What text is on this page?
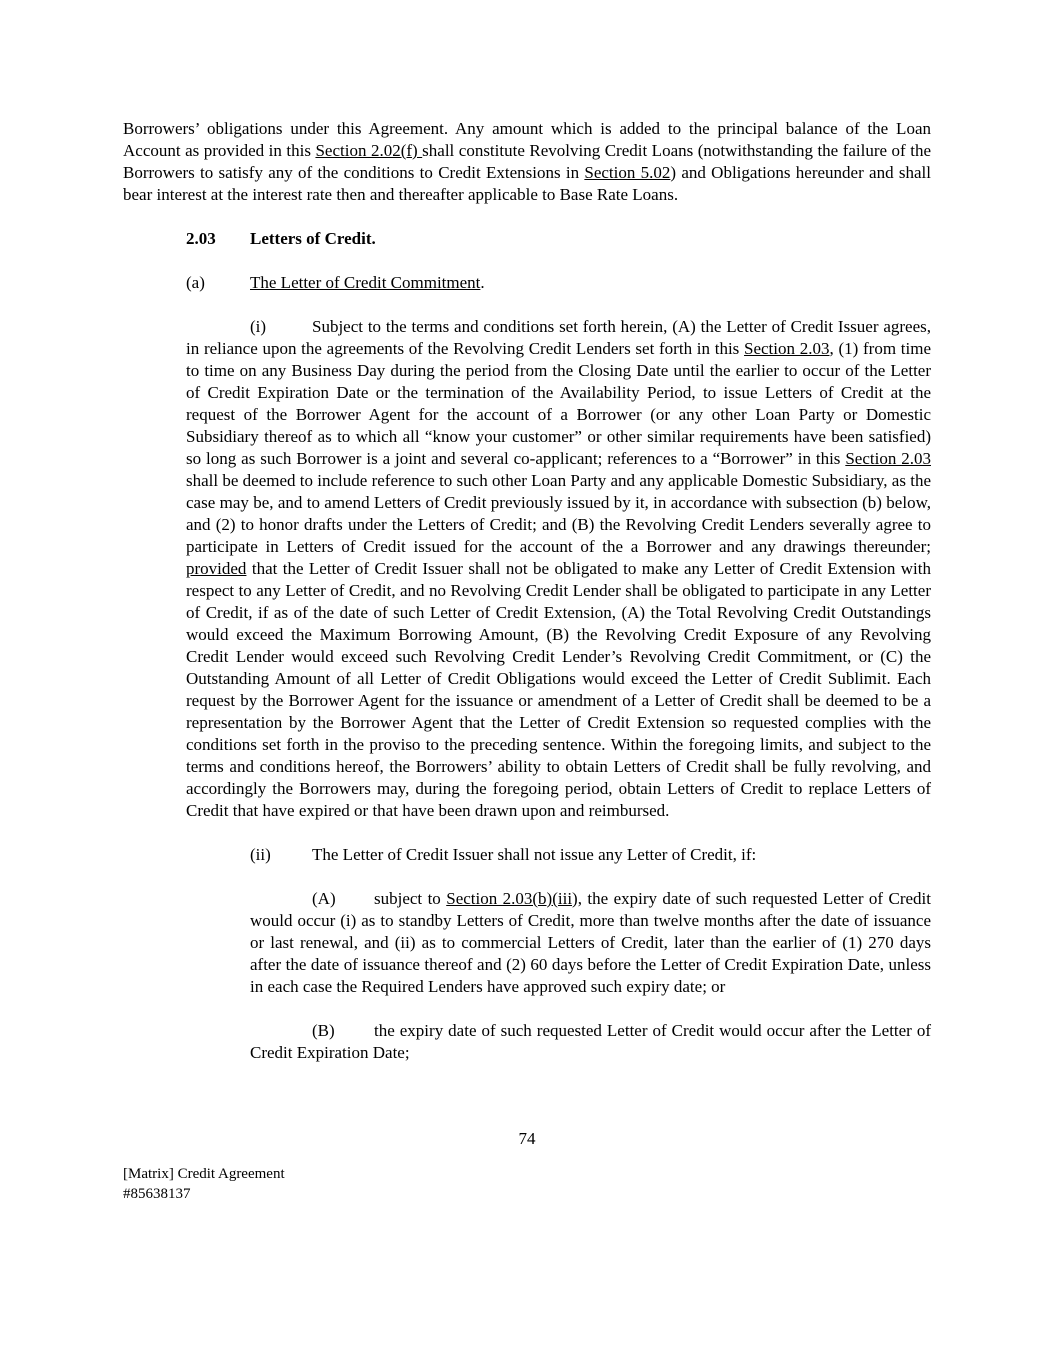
Borrowers’ obligations under this Agreement. Any amount which is added to the principal balance of the Loan Account as provided in this Section 2.02(f) shall constitute Revolving Credit Loans (notwithstanding the failure of the Borrowers to satisfy any of the conditions to Credit Extensions in Section 5.02) and Obligations hereunder and shall bear interest at the interest rate then and thereafter applicable to Base Rate Loans.

2.03 Letters of Credit.

(a)	The Letter of Credit Commitment.

(i)	Subject to the terms and conditions set forth herein, (A) the Letter of Credit Issuer agrees, in reliance upon the agreements of the Revolving Credit Lenders set forth in this Section 2.03, (1) from time to time on any Business Day during the period from the Closing Date until the earlier to occur of the Letter of Credit Expiration Date or the termination of the Availability Period, to issue Letters of Credit at the request of the Borrower Agent for the account of a Borrower (or any other Loan Party or Domestic Subsidiary thereof as to which all “know your customer” or other similar requirements have been satisfied) so long as such Borrower is a joint and several co-applicant; references to a “Borrower” in this Section 2.03 shall be deemed to include reference to such other Loan Party and any applicable Domestic Subsidiary, as the case may be, and to amend Letters of Credit previously issued by it, in accordance with subsection (b) below, and (2) to honor drafts under the Letters of Credit; and (B) the Revolving Credit Lenders severally agree to participate in Letters of Credit issued for the account of the a Borrower and any drawings thereunder; provided that the Letter of Credit Issuer shall not be obligated to make any Letter of Credit Extension with respect to any Letter of Credit, and no Revolving Credit Lender shall be obligated to participate in any Letter of Credit, if as of the date of such Letter of Credit Extension, (A) the Total Revolving Credit Outstandings would exceed the Maximum Borrowing Amount, (B) the Revolving Credit Exposure of any Revolving Credit Lender would exceed such Revolving Credit Lender’s Revolving Credit Commitment, or (C) the Outstanding Amount of all Letter of Credit Obligations would exceed the Letter of Credit Sublimit. Each request by the Borrower Agent for the issuance or amendment of a Letter of Credit shall be deemed to be a representation by the Borrower Agent that the Letter of Credit Extension so requested complies with the conditions set forth in the proviso to the preceding sentence. Within the foregoing limits, and subject to the terms and conditions hereof, the Borrowers’ ability to obtain Letters of Credit shall be fully revolving, and accordingly the Borrowers may, during the foregoing period, obtain Letters of Credit to replace Letters of Credit that have expired or that have been drawn upon and reimbursed.

(ii) The Letter of Credit Issuer shall not issue any Letter of Credit, if:

(A) subject to Section 2.03(b)(iii), the expiry date of such requested Letter of Credit would occur (i) as to standby Letters of Credit, more than twelve months after the date of issuance or last renewal, and (ii) as to commercial Letters of Credit, later than the earlier of (1) 270 days after the date of issuance thereof and (2) 60 days before the Letter of Credit Expiration Date, unless in each case the Required Lenders have approved such expiry date; or

(B) the expiry date of such requested Letter of Credit would occur after the Letter of Credit Expiration Date;

74
[Matrix] Credit Agreement
#85638137
